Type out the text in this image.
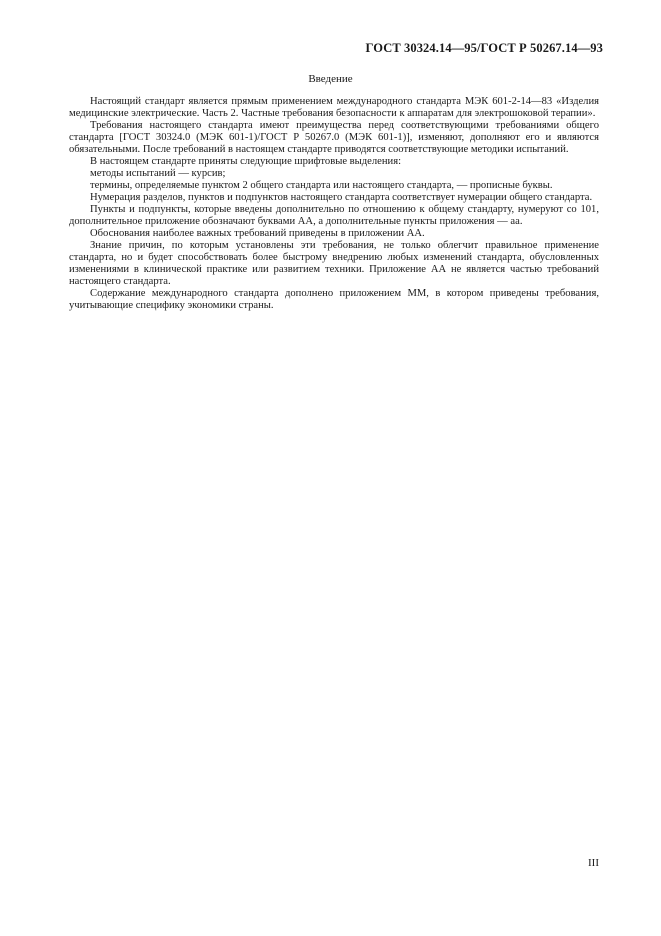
ГОСТ 30324.14—95/ГОСТ Р 50267.14—93
Введение

Настоящий стандарт является прямым применением международного стандарта МЭК 601-2-14—83 «Изделия медицинские электрические. Часть 2. Частные требования безопасности к аппаратам для электрошоковой терапии».

Требования настоящего стандарта имеют преимущества перед соответствующими требованиями общего стандарта [ГОСТ 30324.0 (МЭК 601-1)/ГОСТ Р 50267.0 (МЭК 601-1)], изменяют, дополняют его и являются обязательными. После требований в настоящем стандарте приводятся соответствующие методики испытаний.

В настоящем стандарте приняты следующие шрифтовые выделения:

методы испытаний — курсив;

термины, определяемые пунктом 2 общего стандарта или настоящего стандарта, — прописные буквы.

Нумерация разделов, пунктов и подпунктов настоящего стандарта соответствует нумерации общего стандарта.

Пункты и подпункты, которые введены дополнительно по отношению к общему стандарту, нумеруют со 101, дополнительное приложение обозначают буквами АА, а дополнительные пункты приложения — аа.

Обоснования наиболее важных требований приведены в приложении АА.

Знание причин, по которым установлены эти требования, не только облегчит правильное применение стандарта, но и будет способствовать более быстрому внедрению любых изменений стандарта, обусловленных изменениями в клинической практике или развитием техники. Приложение АА не является частью требований настоящего стандарта.

Содержание международного стандарта дополнено приложением ММ, в котором приведены требования, учитывающие специфику экономики страны.

III
